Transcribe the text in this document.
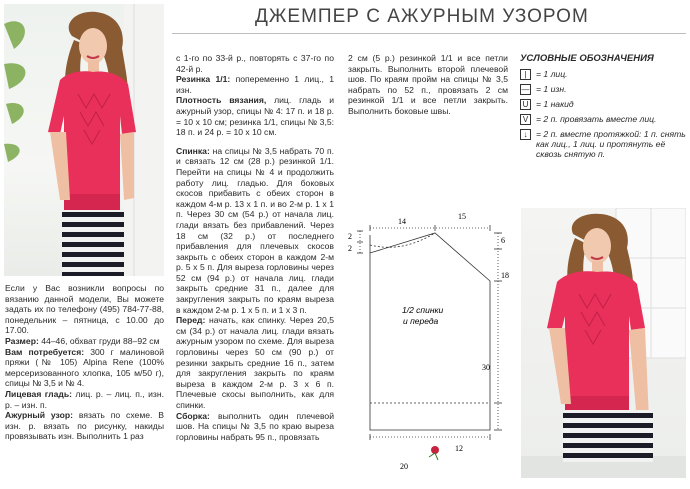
ДЖЕМПЕР С АЖУРНЫМ УЗОРОМ

Если у Вас возникли вопросы по вязанию данной модели, Вы можете задать их по телефону (495) 784-77-88, понедельник – пятница, с 10.00 до 17.00.

Размер: 44–46, обхват груди 88–92 см

Вам потребуется: 300 г малиновой пряжи (№ 105) Alpina Rene (100% мерсеризованного хлопка, 105 м/50 г), спицы № 3,5 и № 4.

Лицевая гладь: лиц. р. – лиц. п., изн. р. – изн. п.

Ажурный узор: вязать по схеме. В изн. р. вязать по рисунку, накиды провязывать изн. Выполнить 1 раз

с 1-го по 33-й р., повторять с 37-го по 42-й р.

Резинка 1/1: попеременно 1 лиц., 1 изн.

Плотность вязания, лиц. гладь и ажурный узор, спицы № 4: 17 п. и 18 р. = 10 х 10 см; резинка 1/1, спицы № 3,5: 18 п. и 24 р. = 10 х 10 см.

Спинка: на спицы № 3,5 набрать 70 п. и связать 12 см (28 р.) резинкой 1/1. Перейти на спицы № 4 и продолжить работу лиц. гладью. Для боковых скосов прибавить с обеих сторон в каждом 4-м р. 13 х 1 п. и во 2-м р. 1 х 1 п. Через 30 см (54 р.) от начала лиц. глади вязать без прибавлений. Через 18 см (32 р.) от последнего прибавления для плечевых скосов закрыть с обеих сторон в каждом 2-м р. 5 х 5 п. Для выреза горловины через 52 см (94 р.) от начала лиц. глади закрыть средние 31 п., далее для закругления закрыть по краям выреза в каждом 2-м р. 1 х 5 п. и 1 х 3 п.

Перед: начать, как спинку. Через 20,5 см (34 р.) от начала лиц. глади вязать ажурным узором по схеме. Для выреза горловины через 50 см (90 р.) от резинки закрыть средние 16 п., затем для закругления закрыть по краям выреза в каждом 2-м р. 3 х 6 п. Плечевые скосы выполнить, как для спинки.

Сборка: выполнить один плечевой шов. На спицы № 3,5 по краю выреза горловины набрать 95 п., провязать

2 см (5 р.) резинкой 1/1 и все петли закрыть. Выполнить второй плечевой шов. По краям пройм на спицы № 3,5 набрать по 52 п., провязать 2 см резинкой 1/1 и все петли закрыть. Выполнить боковые швы.

УСЛОВНЫЕ ОБОЗНАЧЕНИЯ
|	= 1 лиц.
— = 1 изн.
U = 1 накид
V = 2 п. провязать вместе лиц.
↓ = 2 п. вместе протяжкой: 1 п. снять как лиц., 1 лиц. и протянуть её сквозь снятую п.
14
15
2
2
6
18
30
12
20
1/2 спинки
и переда
